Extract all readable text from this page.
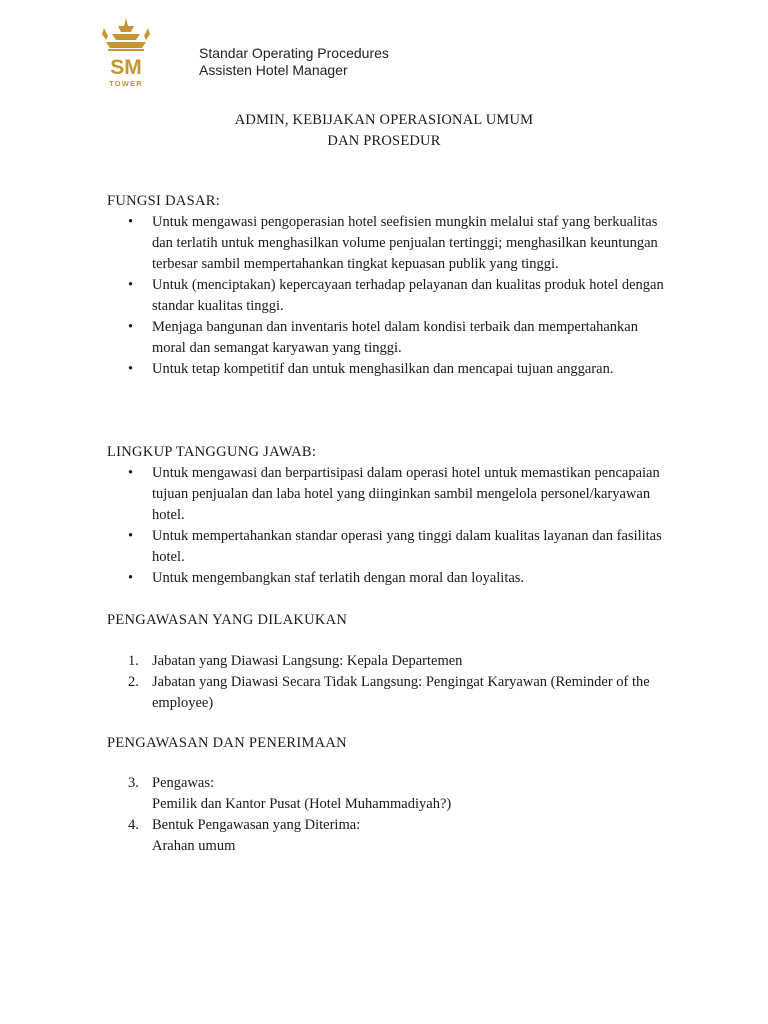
SM
TOWER
Standar Operating Procedures
Assisten Hotel Manager
ADMIN, KEBIJAKAN OPERASIONAL UMUM
DAN PROSEDUR
FUNGSI DASAR:
• Untuk mengawasi pengoperasian hotel seefisien mungkin melalui staf yang berkualitas dan terlatih untuk menghasilkan volume penjualan tertinggi; menghasilkan keuntungan terbesar sambil mempertahankan tingkat kepuasan publik yang tinggi.
• Untuk (menciptakan) kepercayaan terhadap pelayanan dan kualitas produk hotel dengan standar kualitas tinggi.
• Menjaga bangunan dan inventaris hotel dalam kondisi terbaik dan mempertahankan moral dan semangat karyawan yang tinggi.
• Untuk tetap kompetitif dan untuk menghasilkan dan mencapai tujuan anggaran.
LINGKUP TANGGUNG JAWAB:
• Untuk mengawasi dan berpartisipasi dalam operasi hotel untuk memastikan pencapaian tujuan penjualan dan laba hotel yang diinginkan sambil mengelola personel/karyawan hotel.
• Untuk mempertahankan standar operasi yang tinggi dalam kualitas layanan dan fasilitas hotel.
• Untuk mengembangkan staf terlatih dengan moral dan loyalitas.
PENGAWASAN YANG DILAKUKAN
1. Jabatan yang Diawasi Langsung: Kepala Departemen
2. Jabatan yang Diawasi Secara Tidak Langsung: Pengingat Karyawan (Reminder of the employee)
PENGAWASAN DAN PENERIMAAN
3. Pengawas:
Pemilik dan Kantor Pusat (Hotel Muhammadiyah?)
4. Bentuk Pengawasan yang Diterima:
Arahan umum
